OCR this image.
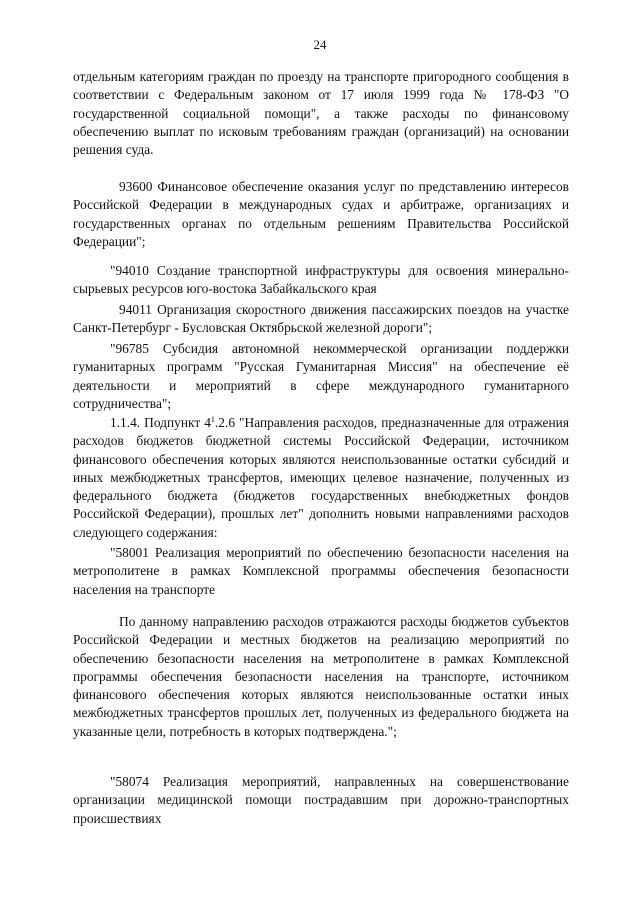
24

отдельным категориям граждан по проезду на транспорте пригородного сообщения в соответствии с Федеральным законом от 17 июля 1999 года № 178-ФЗ "О государственной социальной помощи", а также расходы по финансовому обеспечению выплат по исковым требованиям граждан (организаций) на основании решения суда.

93600 Финансовое обеспечение оказания услуг по представлению интересов Российской Федерации в международных судах и арбитраже, организациях и государственных органах по отдельным решениям Правительства Российской Федерации";

"94010 Создание транспортной инфраструктуры для освоения минерально-сырьевых ресурсов юго-востока Забайкальского края

94011 Организация скоростного движения пассажирских поездов на участке Санкт-Петербург - Бусловская Октябрьской железной дороги";

"96785 Субсидия автономной некоммерческой организации поддержки гуманитарных программ "Русская Гуманитарная Миссия" на обеспечение её деятельности и мероприятий в сфере международного гуманитарного сотрудничества";

1.1.4. Подпункт $4^1.2.6$ "Направления расходов, предназначенные для отражения расходов бюджетов бюджетной системы Российской Федерации, источником финансового обеспечения которых являются неиспользованные остатки субсидий и иных межбюджетных трансфертов, имеющих целевое назначение, полученных из федерального бюджета (бюджетов государственных внебюджетных фондов Российской Федерации), прошлых лет" дополнить новыми направлениями расходов следующего содержания:

"58001 Реализация мероприятий по обеспечению безопасности населения на метрополитене в рамках Комплексной программы обеспечения безопасности населения на транспорте

По данному направлению расходов отражаются расходы бюджетов субъектов Российской Федерации и местных бюджетов на реализацию мероприятий по обеспечению безопасности населения на метрополитене в рамках Комплексной программы обеспечения безопасности населения на транспорте, источником финансового обеспечения которых являются неиспользованные остатки иных межбюджетных трансфертов прошлых лет, полученных из федерального бюджета на указанные цели, потребность в которых подтверждена.";

"58074 Реализация мероприятий, направленных на совершенствование организации медицинской помощи пострадавшим при дорожно-транспортных происшествиях
